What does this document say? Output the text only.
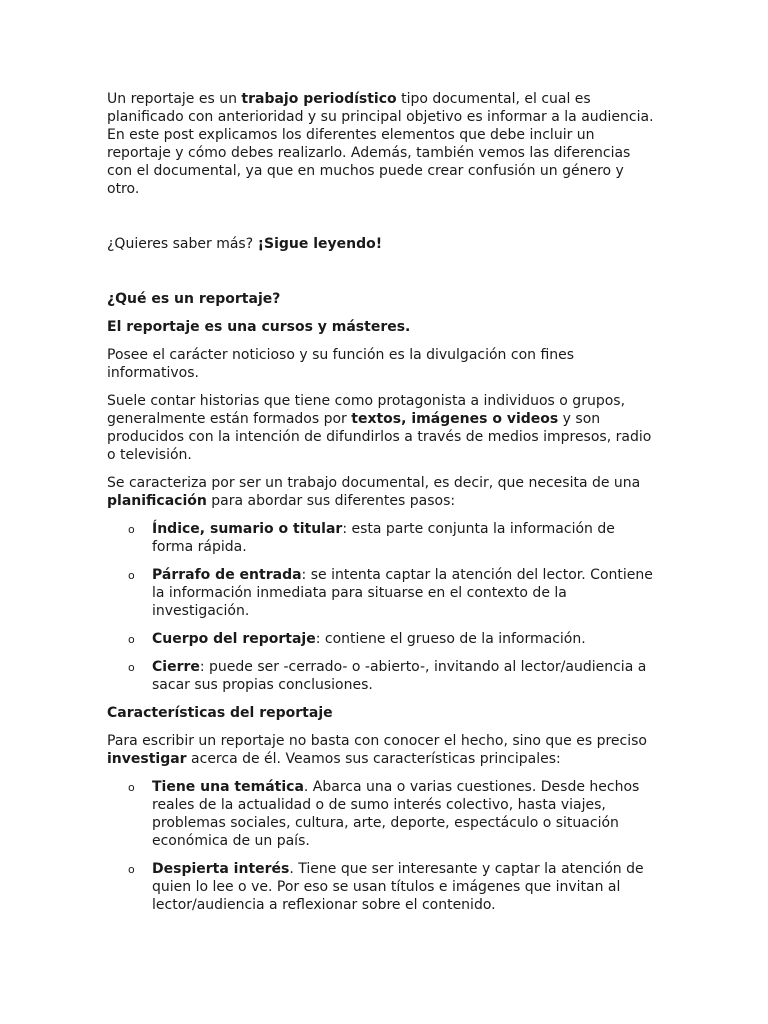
Un reportaje es un trabajo periodístico tipo documental, el cual es planificado con anterioridad y su principal objetivo es informar a la audiencia. En este post explicamos los diferentes elementos que debe incluir un reportaje y cómo debes realizarlo. Además, también vemos las diferencias con el documental, ya que en muchos puede crear confusión un género y otro.

¿Quieres saber más? ¡Sigue leyendo!

¿Qué es un reportaje?

El reportaje es una cursos y másteres.

Posee el carácter noticioso y su función es la divulgación con fines informativos.

Suele contar historias que tiene como protagonista a individuos o grupos, generalmente están formados por textos, imágenes o videos y son producidos con la intención de difundirlos a través de medios impresos, radio o televisión.

Se caracteriza por ser un trabajo documental, es decir, que necesita de una planificación para abordar sus diferentes pasos:

o Índice, sumario o titular: esta parte conjunta la información de forma rápida.
o Párrafo de entrada: se intenta captar la atención del lector. Contiene la información inmediata para situarse en el contexto de la investigación.
o Cuerpo del reportaje: contiene el grueso de la información.
o Cierre: puede ser -cerrado- o -abierto-, invitando al lector/audiencia a sacar sus propias conclusiones.

Características del reportaje

Para escribir un reportaje no basta con conocer el hecho, sino que es preciso investigar acerca de él. Veamos sus características principales:

o Tiene una temática. Abarca una o varias cuestiones. Desde hechos reales de la actualidad o de sumo interés colectivo, hasta viajes, problemas sociales, cultura, arte, deporte, espectáculo o situación económica de un país.
o Despierta interés. Tiene que ser interesante y captar la atención de quien lo lee o ve. Por eso se usan títulos e imágenes que invitan al lector/audiencia a reflexionar sobre el contenido.
